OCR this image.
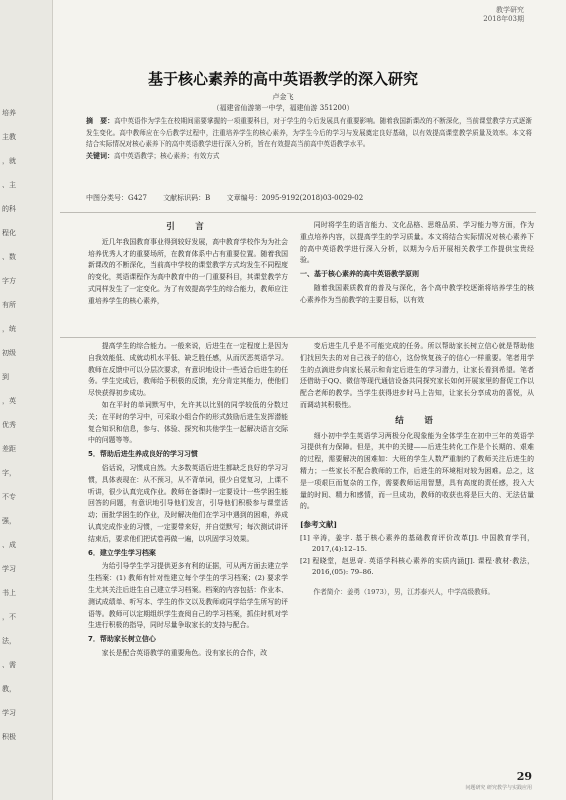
培养
主教
，就
、主
的科
程化
、数
字方
有所
，统
初级
到
，英
优秀
差距
字，
不专
强，
、成
学习
书上
，不
法，
、需
教，
学习
积极
教学研究
2018年03期
基于核心素养的高中英语教学的深入研究
卢金飞
（福建省仙游第一中学，福建仙游 351200）
摘　要：高中英语作为学生在校期间需要掌握的一项重要科目，对于学生的今后发展具有重要影响。随着我国新课改的不断深化，当前课堂教学方式逐渐发生变化。高中教师应在今后教学过程中，注重培养学生的核心素养，为学生今后的学习与发展奠定良好基础，以有效提高课堂教学质量及效率。本文将结合实际情况对核心素养下的高中英语教学进行深入分析，旨在有效提高当前高中英语教学水平。
关键词：高中英语教学；核心素养；有效方式
中图分类号：G427 文献标识码：B 文章编号：2095-9192(2018)03-0029-02
引　言

近几年我国教育事业得到较好发展，高中教育学校作为为社会培养优秀人才的重要场所，在教育体系中占有重要位置。随着我国新课改的不断深化，当前高中学校的课堂教学方式均发生不同程度的变化，英语课程作为高中教育中的一门重要科目，其课堂教学方式同样发生了一定变化。为了有效提高学生的综合能力，教师应注重培养学生的核心素养，

同时将学生的语言能力、文化品格、思维品质、学习能力等方面，作为重点培养内容，以提高学生的学习质量。本文将结合实际情况对核心素养下的高中英语教学进行深入分析，以期为今后开展相关教学工作提供宝贵经验。

一、基于核心素养的高中英语教学原则

随着我国素质教育的普及与深化，各个高中教学校逐渐将培养学生的核心素养作为当前教学的主要目标，以有效

提高学生的综合能力。一般来说，后进生在一定程度上是因为自我效能低、成就动机水平低、缺乏胜任感，从而厌恶英语学习。教师在反馈中可以分层次要求，有意识地设计一些适合后进生的任务。学生完成后，教师给予积极的反馈，充分肯定其能力，使他们尽快获得初步成功。

如在平时的单词默写中，允许其以比别的同学较低的分数过关；在平时的学习中，可采取小组合作的形式鼓励后进生发挥潜能复合知识和信息，参与、体验、探究和共他学生一起解决语言交际中的问题等等。

5．帮助后进生养成良好的学习习惯

俗话说，习惯成自然。大多数英语后进生都缺乏良好的学习习惯，具体表现在：从不预习，从不背单词，很少自觉复习，上课不听讲，很少认真完成作业。教师在备课时一定要设计一些学困生能回答的问题，有意识地引导他们发言，引导他们积极参与课堂活动；面批学困生的作业，及时解决他们在学习中遇到的困难，养成认真完成作业的习惯，一定要带来好，并自觉默写；每次测试讲评结束后，要求他们把试卷再做一遍，以巩固学习效果。

6．建立学生学习档案

为给引导学生学习提供更多有利的证据，可从两方面去建立学生档案：(1) 教师有针对性建立每个学生的学习档案；(2) 要求学生尤其关注后进生自己建立学习档案。档案的内容包括：作业本、测试成绩单、听写本、学生的作文以及教师或同学给学生所写的评语等。教师可以定期组织学生查阅自己的学习档案，抓住时机对学生进行积极的指导，同时尽量争取家长的支持与配合。

7．帮助家长树立信心

家长是配合英语教学的重要角色。没有家长的合作，改

变后进生几乎是不可能完成的任务。所以帮助家长树立信心就是帮助他们找回失去的对自己孩子的信心，这份恢复孩子的信心一样重要。笔者用学生的点滴进步向家长展示和肯定后进生的学习潜力，让家长看到希望。笔者还借助于QQ、微信等现代通信设备共同探究家长如何开展家里的督促工作以配合老师的教学。当学生获得进步时马上告知，让家长分享成功的喜悦，从而调动其积极性。

结　语

细小初中学生英语学习两极分化现象能为全体学生在初中三年的英语学习提供有力保障。但是，其中的关键——后进生转化工作是个长期的、艰难的过程，需要解决的困难如：大班的学生人数严重制约了教师关注后进生的精力；一些家长不配合教师的工作，后进生的环境相对较为困难。总之，这是一项艰巨而复杂的工作，需要教师运用智慧，具有高度的责任感，投入大量的时间、精力和感情，而一旦成功，教师的收获也将是巨大的、无法估量的。

[参考文献]
[1] 辛涛，姜宇. 基于核心素养的基础教育评价改革[J]. 中国教育学刊，2017,(4):12–15.
[2] 程晓堂，赵思奇. 英语学科核心素养的实质内涵[J]. 课程·教材·教法，2016,(05): 79–86.
作者简介：姜勇（1973），男，江苏泰兴人，中学高级教师。
29
问题研究 研究教学与实践应用
